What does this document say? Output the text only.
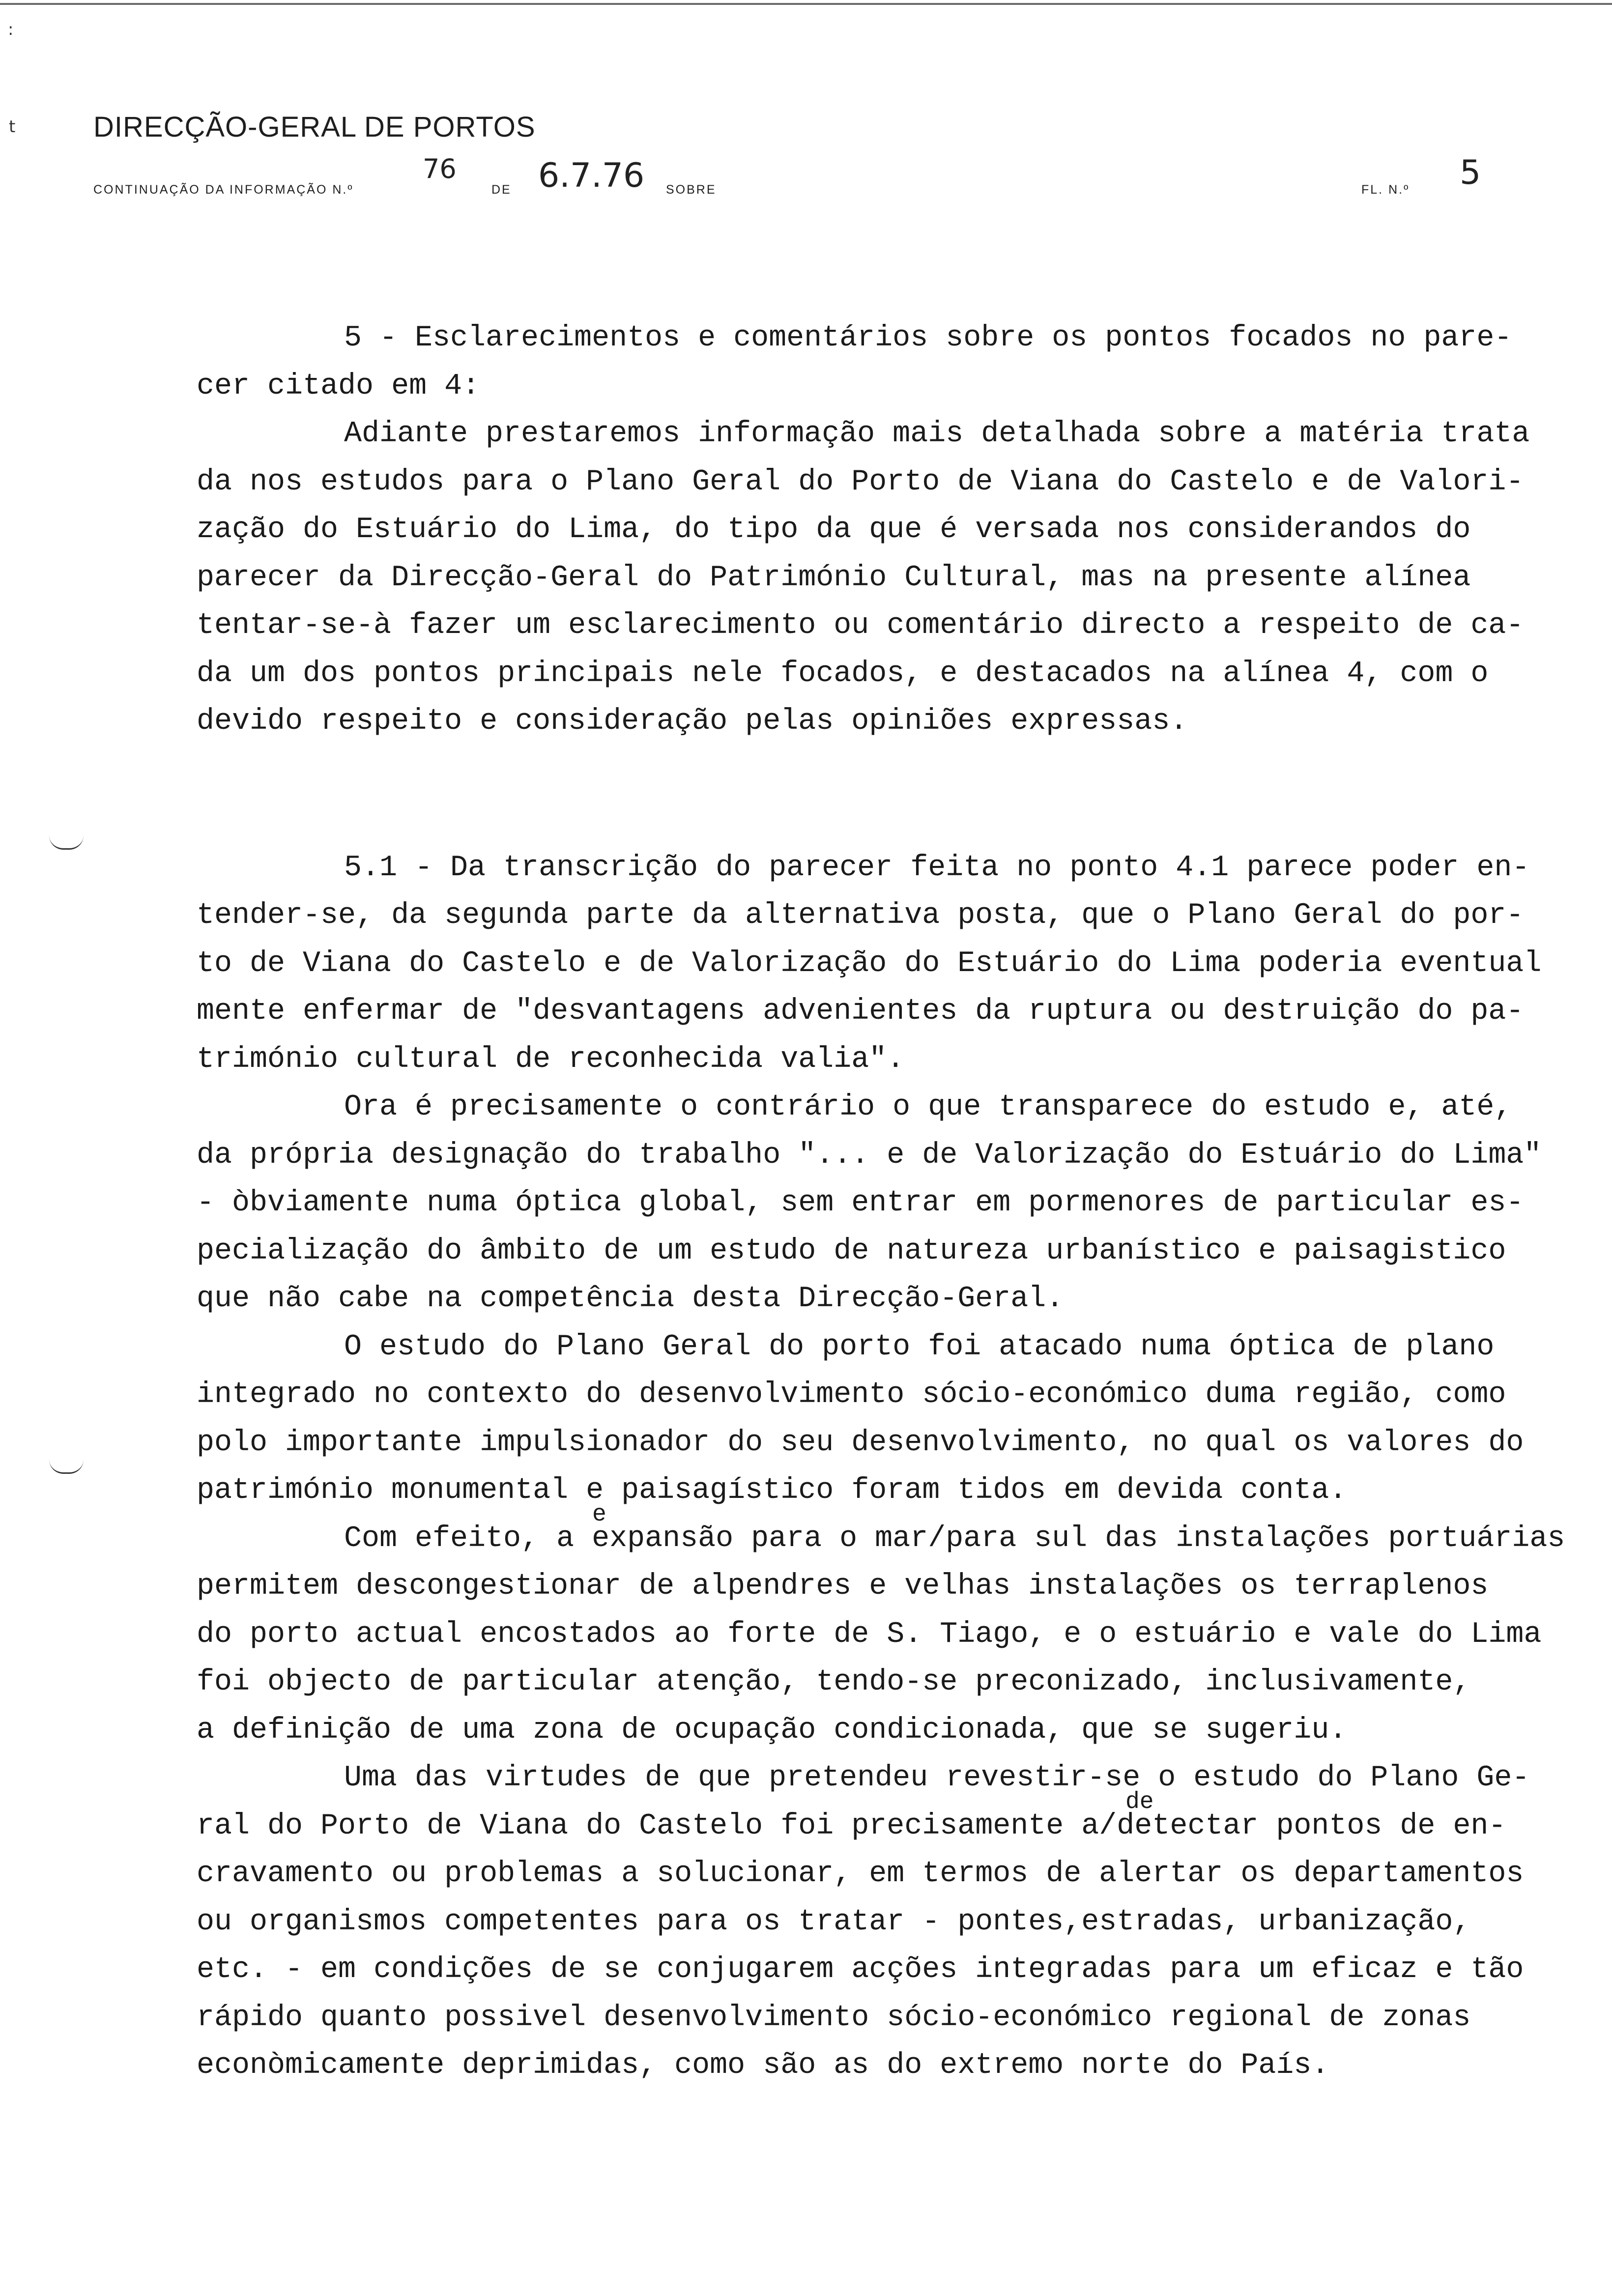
:
t	DIRECÇÃO-GERAL DE PORTOS
CONTINUAÇÃO DA INFORMAÇÃO N.º
76
DE 6.7.76 SOBRE	FL. N.º 5
5 - Esclarecimentos e comentários sobre os pontos focados no pare-
cer citado em 4:
Adiante prestaremos informação mais detalhada sobre a matéria trata
da nos estudos para o Plano Geral do Porto de Viana do Castelo e de Valori-
zação do Estuário do Lima, do tipo da que é versada nos considerandos do
parecer da Direcção-Geral do Património Cultural, mas na presente alínea
tentar-se-à fazer um esclarecimento ou comentário directo a respeito de ca-
da um dos pontos principais nele focados, e destacados na alínea 4, com o
devido respeito e consideração pelas opiniões expressas.
5.1 - Da transcrição do parecer feita no ponto 4.1 parece poder en-
tender-se, da segunda parte da alternativa posta, que o Plano Geral do por-
to de Viana do Castelo e de Valorização do Estuário do Lima poderia eventual
mente enfermar de "desvantagens advenientes da ruptura ou destruição do pa-
trimónio cultural de reconhecida valia".
Ora é precisamente o contrário o que transparece do estudo e, até,
da própria designação do trabalho "... e de Valorização do Estuário do Lima"
- òbviamente numa óptica global, sem entrar em pormenores de particular es-
pecialização do âmbito de um estudo de natureza urbanístico e paisagistico
que não cabe na competência desta Direcção-Geral.
O estudo do Plano Geral do porto foi atacado numa óptica de plano
integrado no contexto do desenvolvimento sócio-económico duma região, como
polo importante impulsionador do seu desenvolvimento, no qual os valores do
património monumental e paisagístico foram tidos em devida conta.
Com efeito, a expansão para o mar/para sul das instalações portuárias
permitem descongestionar de alpendres e velhas instalações os terraplenos
do porto actual encostados ao forte de S. Tiago, e o estuário e vale do Lima
foi objecto de particular atenção, tendo-se preconizado, inclusivamente,
a definição de uma zona de ocupação condicionada, que se sugeriu.
Uma das virtudes de que pretendeu revestir-se o estudo do Plano Ge-
ral do Porto de Viana do Castelo foi precisamente a/detectar pontos de en-
cravamento ou problemas a solucionar, em termos de alertar os departamentos
ou organismos competentes para os tratar - pontes,estradas, urbanização,
etc. - em condições de se conjugarem acções integradas para um eficaz e tão
rápido quanto possivel desenvolvimento sócio-económico regional de zonas
econòmicamente deprimidas, como são as do extremo norte do País.
e
de
